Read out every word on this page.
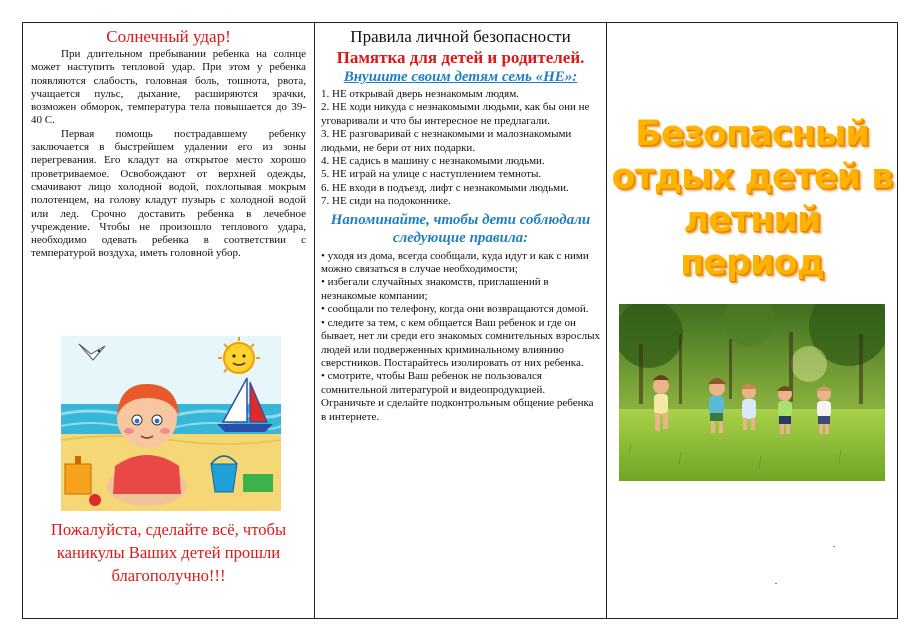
Солнечный удар!

При длительном пребывании ребенка на солнце может наступить тепловой удар. При этом у ребенка появляются слабость, головная боль, тошнота, рвота, учащается пульс, дыхание, расширяются зрачки, возможен обморок, температура тела повышается до 39-40 С.

Первая помощь пострадавшему ребенку заключается в быстрейшем удалении его из зоны перегревания. Его кладут на открытое место хорошо проветриваемое. Освобождают от верхней одежды, смачивают лицо холодной водой, похлопывая мокрым полотенцем, на голову кладут пузырь с холодной водой или лед. Срочно доставить ребенка в лечебное учреждение. Чтобы не произошло теплового удара, необходимо одевать ребенка в соответствии с температурой воздуха, иметь головной убор.

Пожалуйста, сделайте всё, чтобы каникулы Ваших детей прошли благополучно!!!
Правила личной безопасности
Памятка для детей и родителей.
Внушите своим детям семь «НЕ»:
1. НЕ открывай дверь незнакомым людям.
2. НЕ ходи никуда с незнакомыми людьми, как бы они не уговаривали и что бы интересное не предлагали.
3. НЕ разговаривай с незнакомыми и малознакомыми людьми, не бери от них подарки.
4. НЕ садись в машину с незнакомыми людьми.
5. НЕ играй на улице с наступлением темноты.
6. НЕ входи в подъезд, лифт с незнакомыми людьми.
7. НЕ сиди на подоконнике.
Напоминайте, чтобы дети соблюдали следующие правила:
• уходя из дома, всегда сообщали, куда идут и как с ними можно связаться в случае необходимости;
• избегали случайных знакомств, приглашений в незнакомые компании;
• сообщали по телефону, когда они возвращаются домой.
• следите за тем, с кем общается Ваш ребенок и где он бывает, нет ли среди его знакомых сомнительных взрослых людей или подверженных криминальному влиянию сверстников. Постарайтесь изолировать от них ребенка.
• смотрите, чтобы Ваш ребенок не пользовался сомнительной литературой и видеопродукцией. Ограничьте и сделайте подконтрольным общение ребенка в интернете.
Безопасный отдых детей в летний период
